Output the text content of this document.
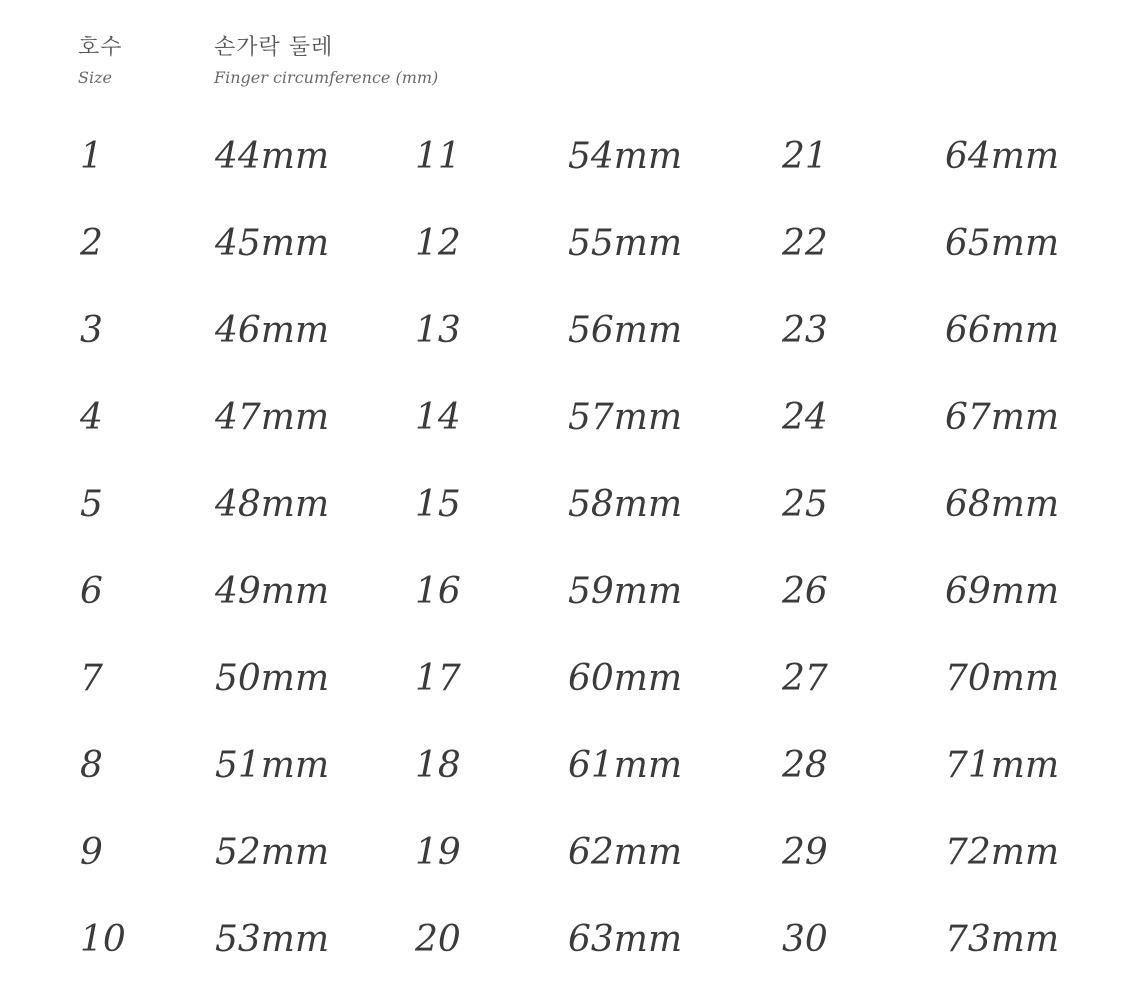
호수
Size
손가락 둘레
Finger circumference (mm)
1	44mm 11	54mm	21	64mm
2	45mm 12	55mm	22	65mm
3	46mm 13	56mm	23	66mm
4	47mm 14	57mm	24	67mm
5	48mm 15	58mm	25	68mm
6	49mm 16	59mm	26	69mm
7	50mm 17	60mm	27	70mm
8	51mm 18	61mm	28	71mm
9	52mm 19	62mm	29	72mm
10 53mm 20	63mm	30	73mm
